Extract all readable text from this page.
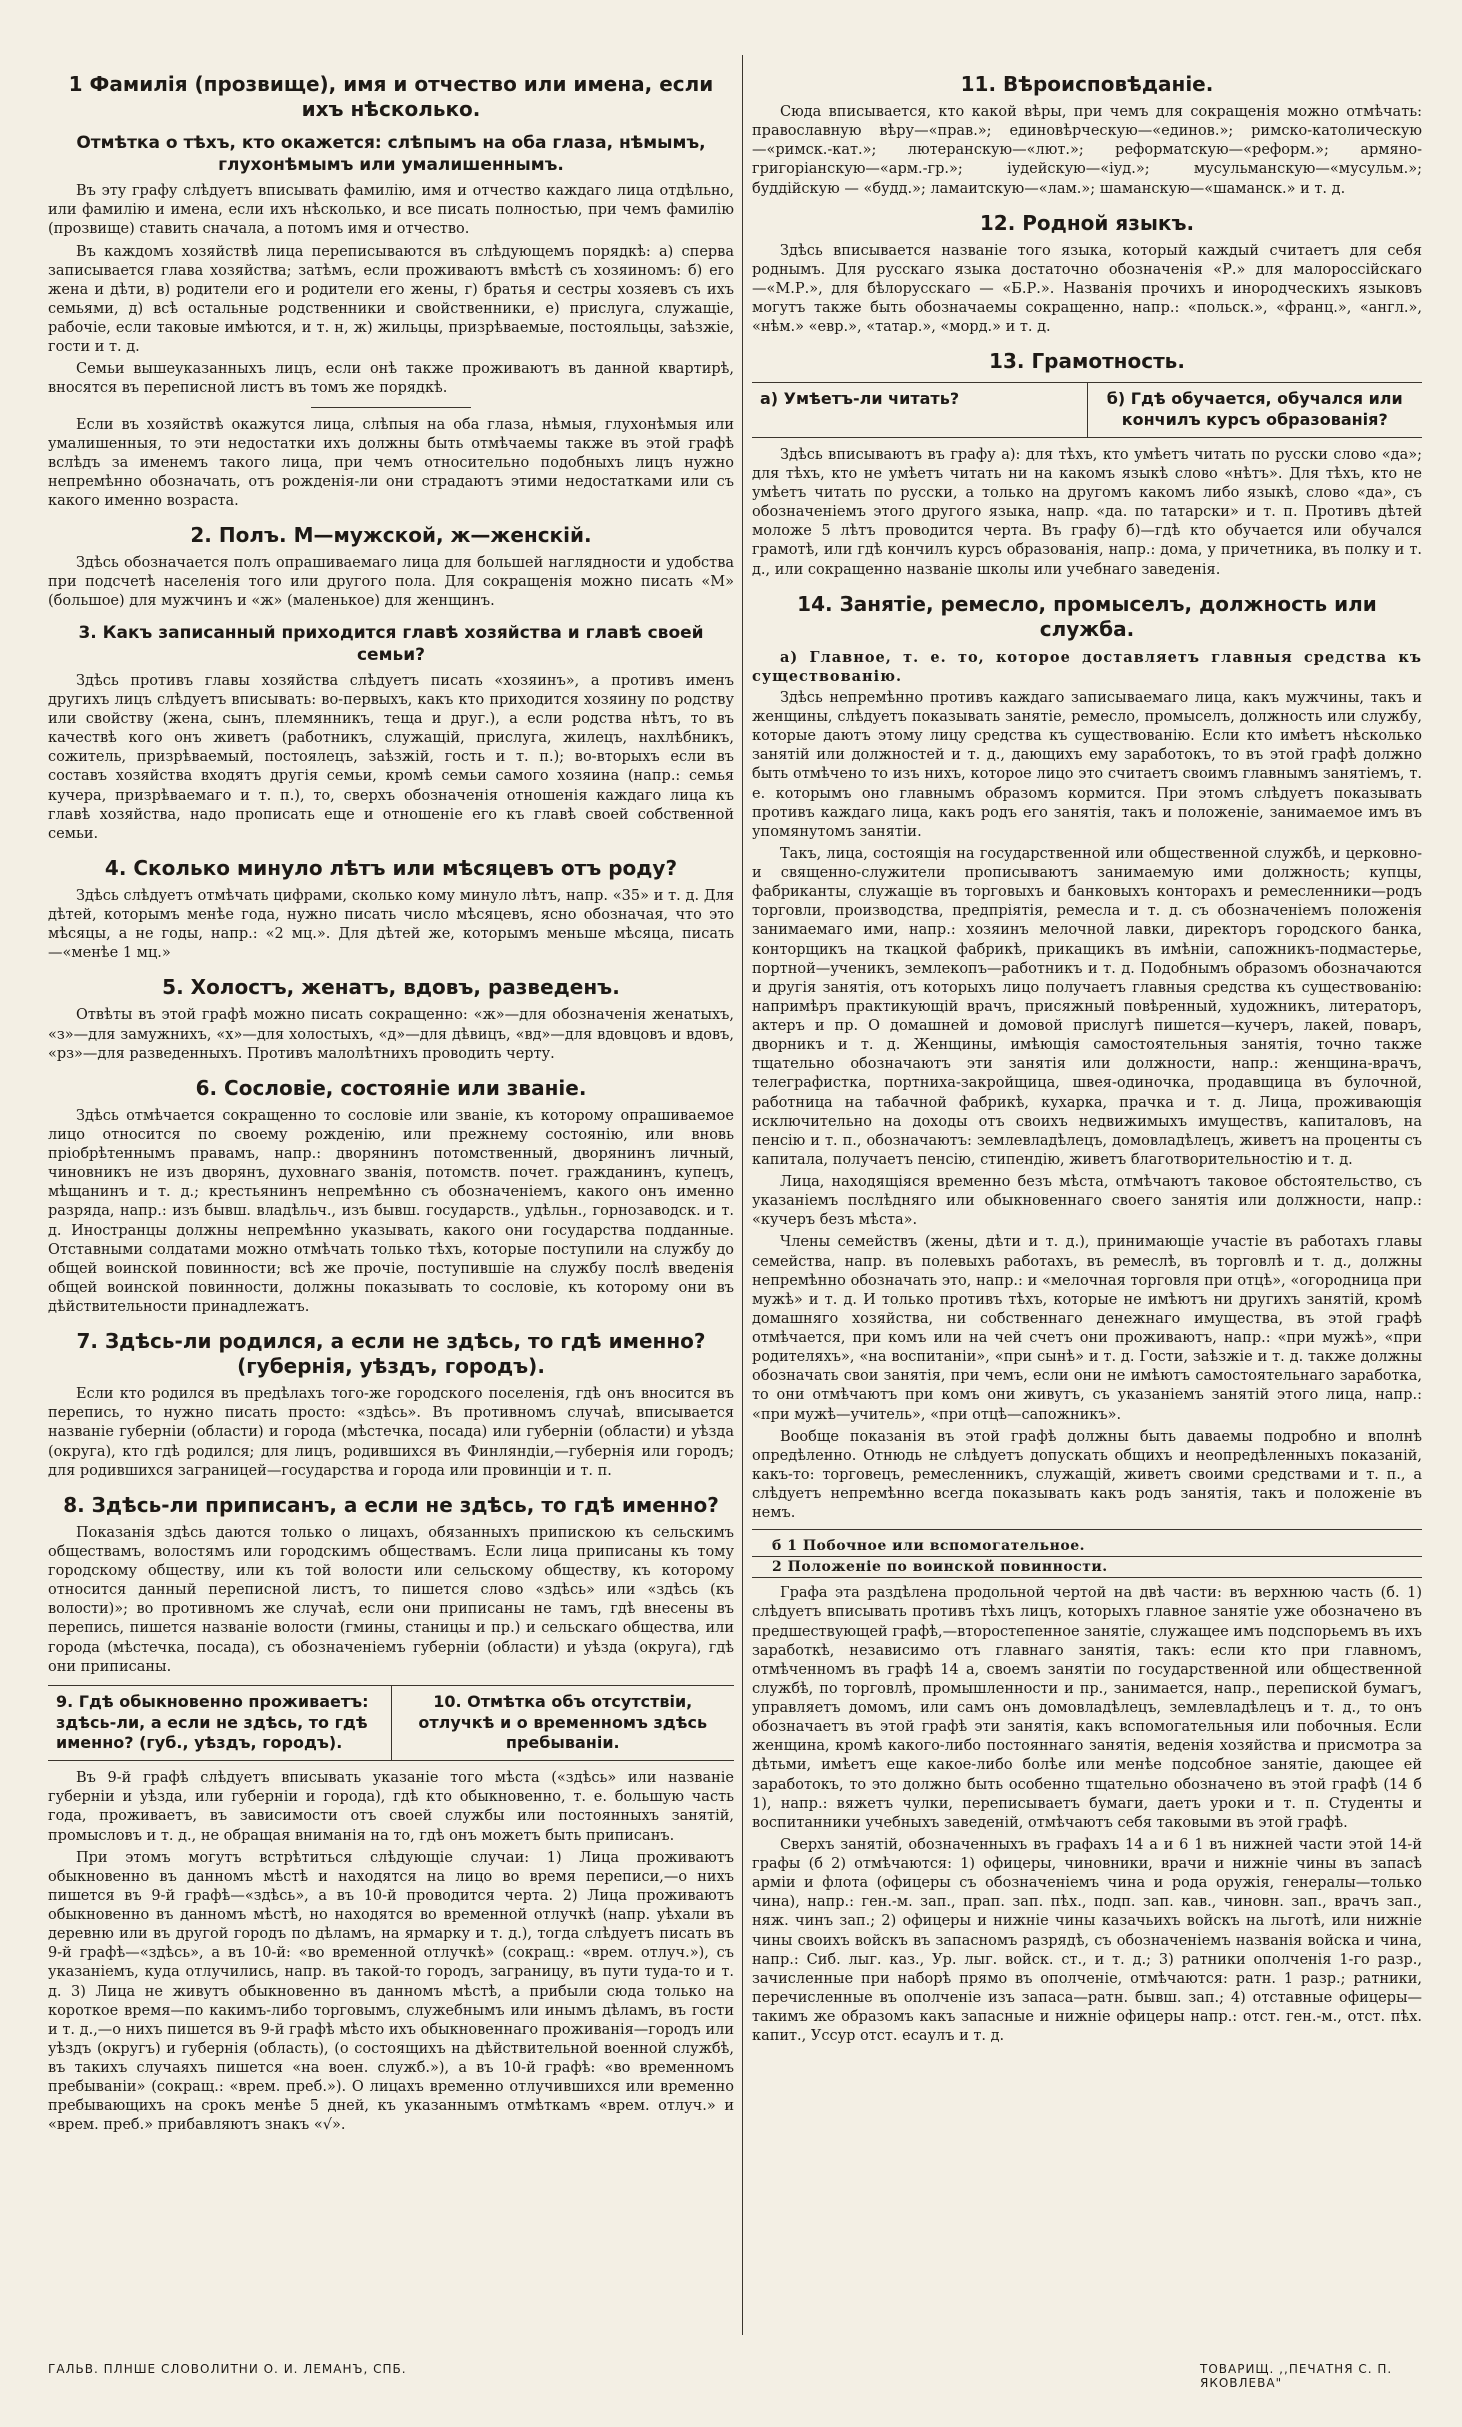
1 Фамилія (прозвище), имя и отчество или имена, если ихъ нѣсколько.
Отмѣтка о тѣхъ, кто окажется: слѣпымъ на оба глаза, нѣмымъ, глухонѣмымъ или умалишеннымъ.

Въ эту графу слѣдуетъ вписывать фамилію, имя и отчество каждаго лица отдѣльно, или фамилію и имена, если ихъ нѣсколько, и все писать полностью, при чемъ фамилію (прозвище) ставить сначала, а потомъ имя и отчество.

Въ каждомъ хозяйствѣ лица переписываются въ слѣдующемъ порядкѣ: а) сперва записывается глава хозяйства; затѣмъ, если проживаютъ вмѣстѣ съ хозяиномъ: б) его жена и дѣти, в) родители его и родители его жены, г) братья и сестры хозяевъ съ ихъ семьями, д) всѣ остальные родственники и свойственники, е) прислуга, служащіе, рабочіе, если таковые имѣются, и т. н, ж) жильцы, призрѣваемые, постояльцы, заѣзжіе, гости и т. д.

Семьи вышеуказанныхъ лицъ, если онѣ также проживаютъ въ данной квартирѣ, вносятся въ переписной листъ въ томъ же порядкѣ.

Если въ хозяйствѣ окажутся лица, слѣпыя на оба глаза, нѣмыя, глухонѣмыя или умалишенныя, то эти недостатки ихъ должны быть отмѣчаемы также въ этой графѣ вслѣдъ за именемъ такого лица, при чемъ относительно подобныхъ лицъ нужно непремѣнно обозначать, отъ рожденія-ли они страдаютъ этими недостатками или съ какого именно возраста.

2. Полъ. М—мужской, ж—женскій.

Здѣсь обозначается полъ опрашиваемаго лица для большей наглядности и удобства при подсчетѣ населенія того или другого пола. Для сокращенія можно писать «М» (большое) для мужчинъ и «ж» (маленькое) для женщинъ.

3. Какъ записанный приходится главѣ хозяйства и главѣ своей семьи?

Здѣсь противъ главы хозяйства слѣдуетъ писать «хозяинъ», а противъ именъ другихъ лицъ слѣдуетъ вписывать: во-первыхъ, какъ кто приходится хозяину по родству или свойству (жена, сынъ, племянникъ, теща и друг.), а если родства нѣтъ, то въ качествѣ кого онъ живетъ (работникъ, служащій, прислуга, жилецъ, нахлѣбникъ, сожитель, призрѣваемый, постоялецъ, заѣзжій, гость и т. п.); во-вторыхъ если въ составъ хозяйства входятъ другія семьи, кромѣ семьи самого хозяина (напр.: семья кучера, призрѣваемаго и т. п.), то, сверхъ обозначенія отношенія каждаго лица къ главѣ хозяйства, надо прописать еще и отношеніе его къ главѣ своей собственной семьи.

4. Сколько минуло лѣтъ или мѣсяцевъ отъ роду?

Здѣсь слѣдуетъ отмѣчать цифрами, сколько кому минуло лѣтъ, напр. «35» и т. д. Для дѣтей, которымъ менѣе года, нужно писать число мѣсяцевъ, ясно обозначая, что это мѣсяцы, а не годы, напр.: «2 мц.». Для дѣтей же, которымъ меньше мѣсяца, писать—«менѣе 1 мц.»

5. Холостъ, женатъ, вдовъ, разведенъ.

Отвѣты въ этой графѣ можно писать сокращенно: «ж»—для обозначенія женатыхъ, «з»—для замужнихъ, «х»—для холостыхъ, «д»—для дѣвицъ, «вд»—для вдовцовъ и вдовъ, «рз»—для разведенныхъ. Противъ малолѣтнихъ проводить черту.

6. Сословіе, состояніе или званіе.

Здѣсь отмѣчается сокращенно то сословіе или званіе, къ которому опрашиваемое лицо относится по своему рожденію, или прежнему состоянію, или вновь пріобрѣтеннымъ правамъ, напр.: дворянинъ потомственный, дворянинъ личный, чиновникъ не изъ дворянъ, духовнаго званія, потомств. почет. гражданинъ, купецъ, мѣщанинъ и т. д.; крестьянинъ непремѣнно съ обозначеніемъ, какого онъ именно разряда, напр.: изъ бывш. владѣльч., изъ бывш. государств., удѣльн., горнозаводск. и т. д. Иностранцы должны непремѣнно указывать, какого они государства подданные. Отставными солдатами можно отмѣчать только тѣхъ, которые поступили на службу до общей воинской повинности; всѣ же прочіе, поступившіе на службу послѣ введенія общей воинской повинности, должны показывать то сословіе, къ которому они въ дѣйствительности принадлежатъ.

7. Здѣсь-ли родился, а если не здѣсь, то гдѣ именно? (губернія, уѣздъ, городъ).

Если кто родился въ предѣлахъ того-же городского поселенія, гдѣ онъ вносится въ перепись, то нужно писать просто: «здѣсь». Въ противномъ случаѣ, вписывается названіе губерніи (области) и города (мѣстечка, посада) или губерніи (области) и уѣзда (округа), кто гдѣ родился; для лицъ, родившихся въ Финляндіи,—губернія или городъ; для родившихся заграницей—государства и города или провинціи и т. п.

8. Здѣсь-ли приписанъ, а если не здѣсь, то гдѣ именно?

Показанія здѣсь даются только о лицахъ, обязанныхъ припискою къ сельскимъ обществамъ, волостямъ или городскимъ обществамъ. Если лица приписаны къ тому городскому обществу, или къ той волости или сельскому обществу, къ которому относится данный переписной листъ, то пишется слово «здѣсь» или «здѣсь (къ волости)»; во противномъ же случаѣ, если они приписаны не тамъ, гдѣ внесены въ перепись, пишется названіе волости (гмины, станицы и пр.) и сельскаго общества, или города (мѣстечка, посада), съ обозначеніемъ губерніи (области) и уѣзда (округа), гдѣ они приписаны.

9. Гдѣ обыкновенно проживаетъ: здѣсь-ли, а если не здѣсь, то гдѣ именно? (губ., уѣздъ, городъ).
10. Отмѣтка объ отсутствіи, отлучкѣ и о временномъ здѣсь пребываніи.

Въ 9-й графѣ слѣдуетъ вписывать указаніе того мѣста («здѣсь» или названіе губерніи и уѣзда, или губерніи и города), гдѣ кто обыкновенно, т. е. большую часть года, проживаетъ, въ зависимости отъ своей службы или постоянныхъ занятій, промысловъ и т. д., не обращая вниманія на то, гдѣ онъ можетъ быть приписанъ.

При этомъ могутъ встрѣтиться слѣдующіе случаи: 1) Лица проживаютъ обыкновенно въ данномъ мѣстѣ и находятся на лицо во время переписи,—о нихъ пишется въ 9-й графѣ—«здѣсь», а въ 10-й проводится черта. 2) Лица проживаютъ обыкновенно въ данномъ мѣстѣ, но находятся во временной отлучкѣ (напр. уѣхали въ деревню или въ другой городъ по дѣламъ, на ярмарку и т. д.), тогда слѣдуетъ писать въ 9-й графѣ—«здѣсь», а въ 10-й: «во временной отлучкѣ» (сокращ.: «врем. отлуч.»), съ указаніемъ, куда отлучились, напр. въ такой-то городъ, заграницу, въ пути туда-то и т. д. 3) Лица не живутъ обыкновенно въ данномъ мѣстѣ, а прибыли сюда только на короткое время—по какимъ-либо торговымъ, служебнымъ или инымъ дѣламъ, въ гости и т. д.,—о нихъ пишется въ 9-й графѣ мѣсто ихъ обыкновеннаго проживанія—городъ или уѣздъ (округъ) и губернія (область), (о состоящихъ на дѣйствительной военной службѣ, въ такихъ случаяхъ пишется «на воен. служб.»), а въ 10-й графѣ: «во временномъ пребываніи» (сокращ.: «врем. преб.»). О лицахъ временно отлучившихся или временно пребывающихъ на срокъ менѣе 5 дней, къ указаннымъ отмѣткамъ «врем. отлуч.» и «врем. преб.» прибавляютъ знакъ «√».

11. Вѣроисповѣданіе.

Сюда вписывается, кто какой вѣры, при чемъ для сокращенія можно отмѣчать: православную вѣру—«прав.»; единовѣрческую—«единов.»; римско-католическую—«римск.-кат.»; лютеранскую—«лют.»; реформатскую—«реформ.»; армяно-григоріанскую—«арм.-гр.»; іудейскую—«іуд.»; мусульманскую—«мусульм.»; буддійскую — «будд.»; ламаитскую—«лам.»; шаманскую—«шаманск.» и т. д.

12. Родной языкъ.

Здѣсь вписывается названіе того языка, который каждый считаетъ для себя роднымъ. Для русскаго языка достаточно обозначенія «Р.» для малороссійскаго—«М.Р.», для бѣлорусскаго — «Б.Р.». Названія прочихъ и инородческихъ языковъ могутъ также быть обозначаемы сокращенно, напр.: «польск.», «франц.», «англ.», «нѣм.» «евр.», «татар.», «морд.» и т. д.

13. Грамотность.
а) Умѣетъ-ли читать?	б) Гдѣ обучается, обучался или кончилъ курсъ образованія?

Здѣсь вписываютъ въ графу а): для тѣхъ, кто умѣетъ читать по русски слово «да»; для тѣхъ, кто не умѣетъ читать ни на какомъ языкѣ слово «нѣтъ». Для тѣхъ, кто не умѣетъ читать по русски, а только на другомъ какомъ либо языкѣ, слово «да», съ обозначеніемъ этого другого языка, напр. «да. по татарски» и т. п. Противъ дѣтей моложе 5 лѣтъ проводится черта. Въ графу б)—гдѣ кто обучается или обучался грамотѣ, или гдѣ кончилъ курсъ образованія, напр.: дома, у причетника, въ полку и т. д., или сокращенно названіе школы или учебнаго заведенія.

14. Занятіе, ремесло, промыселъ, должность или служба.

а) Главное, т. е. то, которое доставляетъ главныя средства къ существованію.

Здѣсь непремѣнно противъ каждаго записываемаго лица, какъ мужчины, такъ и женщины, слѣдуетъ показывать занятіе, ремесло, промыселъ, должность или службу, которые даютъ этому лицу средства къ существованію. Если кто имѣетъ нѣсколько занятій или должностей и т. д., дающихъ ему заработокъ, то въ этой графѣ должно быть отмѣчено то изъ нихъ, которое лицо это считаетъ своимъ главнымъ занятіемъ, т. е. которымъ оно главнымъ образомъ кормится. При этомъ слѣдуетъ показывать противъ каждаго лица, какъ родъ его занятія, такъ и положеніе, занимаемое имъ въ упомянутомъ занятіи.

Такъ, лица, состоящія на государственной или общественной службѣ, и церковно-и священно-служители прописываютъ занимаемую ими должность; купцы, фабриканты, служащіе въ торговыхъ и банковыхъ конторахъ и ремесленники—родъ торговли, производства, предпріятія, ремесла и т. д. съ обозначеніемъ положенія занимаемаго ими, напр.: хозяинъ мелочной лавки, директоръ городского банка, конторщикъ на ткацкой фабрикѣ, прикащикъ въ имѣніи, сапожникъ-подмастерье, портной—ученикъ, землекопъ—работникъ и т. д. Подобнымъ образомъ обозначаются и другія занятія, отъ которыхъ лицо получаетъ главныя средства къ существованію: напримѣръ практикующій врачъ, присяжный повѣренный, художникъ, литераторъ, актеръ и пр. О домашней и домовой прислугѣ пишется—кучеръ, лакей, поваръ, дворникъ и т. д. Женщины, имѣющія самостоятельныя занятія, точно также тщательно обозначаютъ эти занятія или должности, напр.: женщина-врачъ, телеграфистка, портниха-закройщица, швея-одиночка, продавщица въ булочной, работница на табачной фабрикѣ, кухарка, прачка и т. д. Лица, проживающія исключительно на доходы отъ своихъ недвижимыхъ имуществъ, капиталовъ, на пенсію и т. п., обозначаютъ: землевладѣлецъ, домовладѣлецъ, живетъ на проценты съ капитала, получаетъ пенсію, стипендію, живетъ благотворительностію и т. д.

Лица, находящіяся временно безъ мѣста, отмѣчаютъ таковое обстоятельство, съ указаніемъ послѣдняго или обыкновеннаго своего занятія или должности, напр.: «кучеръ безъ мѣста».

Члены семействъ (жены, дѣти и т. д.), принимающіе участіе въ работахъ главы семейства, напр. въ полевыхъ работахъ, въ ремеслѣ, въ торговлѣ и т. д., должны непремѣнно обозначать это, напр.: и «мелочная торговля при отцѣ», «огородница при мужѣ» и т. д. И только противъ тѣхъ, которые не имѣютъ ни другихъ занятій, кромѣ домашняго хозяйства, ни собственнаго денежнаго имущества, въ этой графѣ отмѣчается, при комъ или на чей счетъ они проживаютъ, напр.: «при мужѣ», «при родителяхъ», «на воспитаніи», «при сынѣ» и т. д. Гости, заѣзжіе и т. д. также должны обозначать свои занятія, при чемъ, если они не имѣютъ самостоятельнаго заработка, то они отмѣчаютъ при комъ они живутъ, съ указаніемъ занятій этого лица, напр.: «при мужѣ—учитель», «при отцѣ—сапожникъ».

Вообще показанія въ этой графѣ должны быть даваемы подробно и вполнѣ опредѣленно. Отнюдь не слѣдуетъ допускать общихъ и неопредѣленныхъ показаній, какъ-то: торговецъ, ремесленникъ, служащій, живетъ своими средствами и т. п., а слѣдуетъ непремѣнно всегда показывать какъ родъ занятія, такъ и положеніе въ немъ.

б 1 Побочное или вспомогательное.
2 Положеніе по воинской повинности.

Графа эта раздѣлена продольной чертой на двѣ части: въ верхнюю часть (б. 1) слѣдуетъ вписывать противъ тѣхъ лицъ, которыхъ главное занятіе уже обозначено въ предшествующей графѣ,—второстепенное занятіе, служащее имъ подспорьемъ въ ихъ заработкѣ, независимо отъ главнаго занятія, такъ: если кто при главномъ, отмѣченномъ въ графѣ 14 а, своемъ занятіи по государственной или общественной службѣ, по торговлѣ, промышленности и пр., занимается, напр., перепиской бумагъ, управляетъ домомъ, или самъ онъ домовладѣлецъ, землевладѣлецъ и т. д., то онъ обозначаетъ въ этой графѣ эти занятія, какъ вспомогательныя или побочныя. Если женщина, кромѣ какого-либо постояннаго занятія, веденія хозяйства и присмотра за дѣтьми, имѣетъ еще какое-либо болѣе или менѣе подсобное занятіе, дающее ей заработокъ, то это должно быть особенно тщательно обозначено въ этой графѣ (14 б 1), напр.: вяжетъ чулки, переписываетъ бумаги, даетъ уроки и т. п. Студенты и воспитанники учебныхъ заведеній, отмѣчаютъ себя таковыми въ этой графѣ.

Сверхъ занятій, обозначенныхъ въ графахъ 14 а и 6 1 въ нижней части этой 14-й графы (б 2) отмѣчаются: 1) офицеры, чиновники, врачи и нижніе чины въ запасѣ арміи и флота (офицеры съ обозначеніемъ чина и рода оружія, генералы—только чина), напр.: ген.-м. зап., прап. зап. пѣх., подп. зап. кав., чиновн. зап., врачъ зап., няж. чинъ зап.; 2) офицеры и нижніе чины казачьихъ войскъ на льготѣ, или нижніе чины своихъ войскъ въ запасномъ разрядѣ, съ обозначеніемъ названія войска и чина, напр.: Сиб. лыг. каз., Ур. лыг. войск. ст., и т. д.; 3) ратники ополченія 1-го разр., зачисленные при наборѣ прямо въ ополченіе, отмѣчаются: ратн. 1 разр.; ратники, перечисленные въ ополченіе изъ запаса—ратн. бывш. зап.; 4) отставные офицеры—такимъ же образомъ какъ запасные и нижніе офицеры напр.: отст. ген.-м., отст. пѣх. капит., Уссур отст. есаулъ и т. д.

ГАЛЬВ. ПЛНШЕ СЛОВОЛИТНИ О. И. ЛЕМАНЪ, СПБ.	ТОВАРИЩ. ,,ПЕЧАТНЯ С. П. ЯКОВЛЕВА"
